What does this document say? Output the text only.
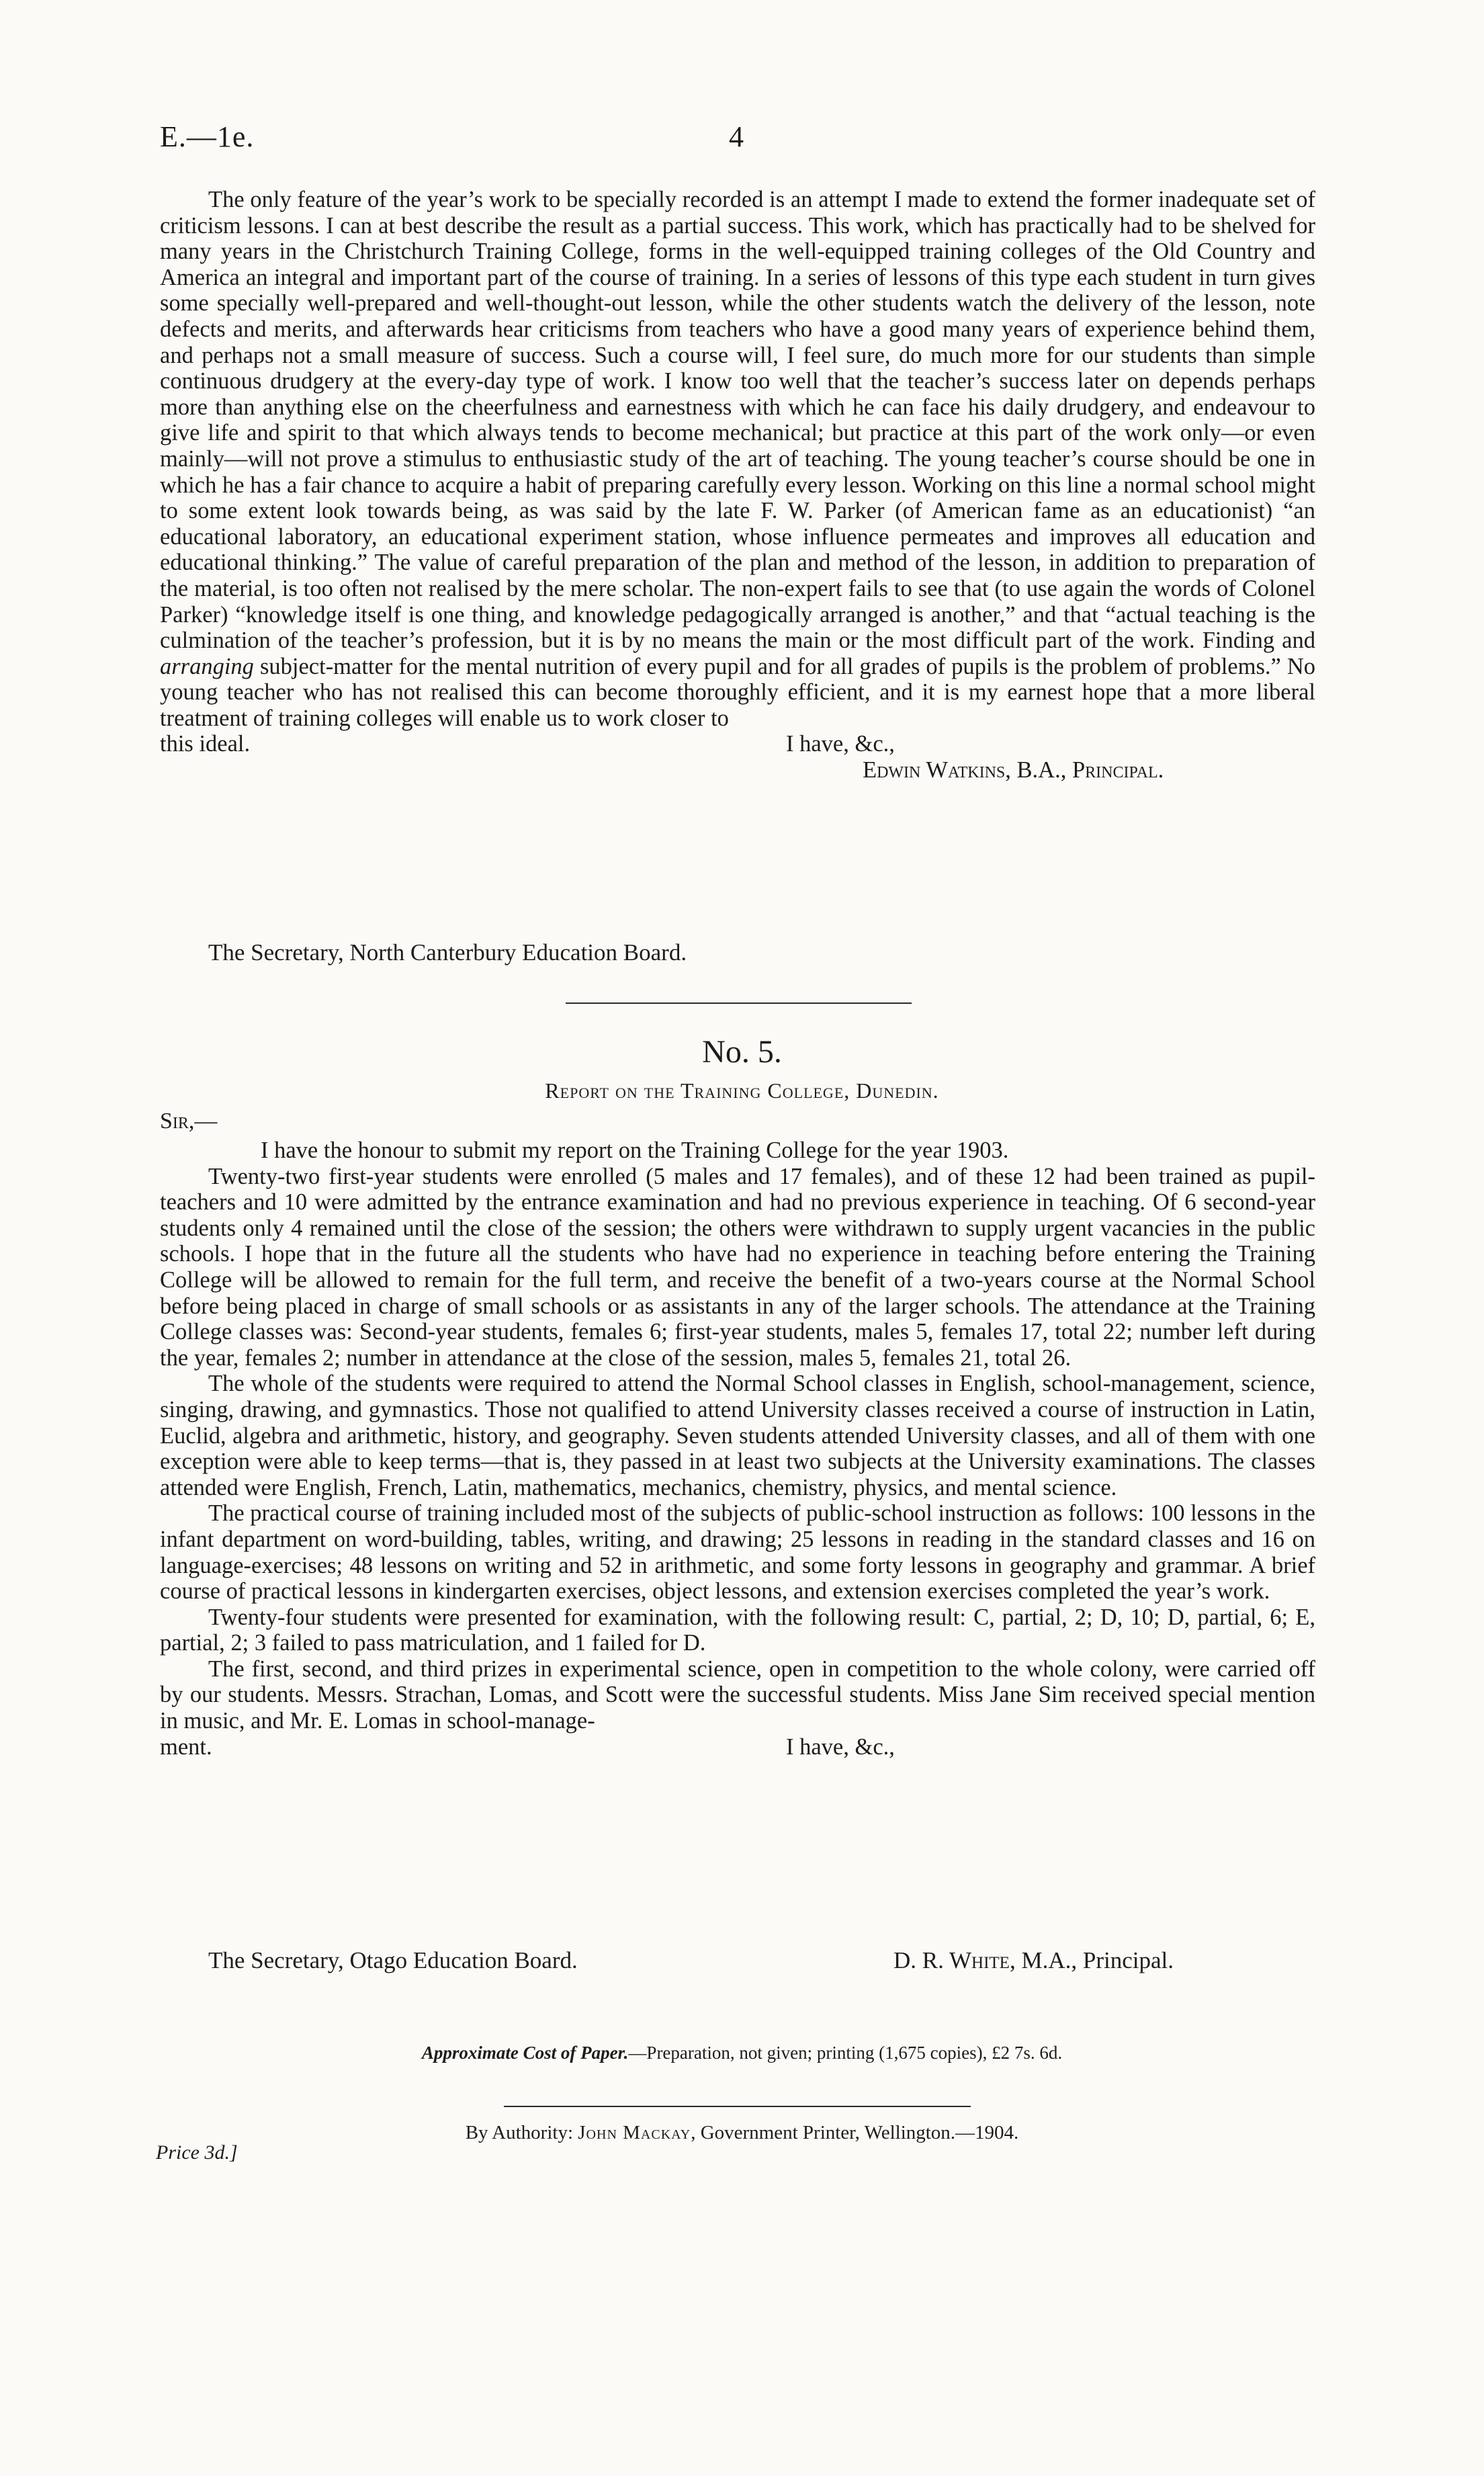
E.—1e.	4

The only feature of the year’s work to be specially recorded is an attempt I made to extend the former inadequate set of criticism lessons. I can at best describe the result as a partial success. This work, which has practically had to be shelved for many years in the Christchurch Training College, forms in the well-equipped training colleges of the Old Country and America an integral and important part of the course of training. In a series of lessons of this type each student in turn gives some specially well-prepared and well-thought-out lesson, while the other students watch the delivery of the lesson, note defects and merits, and afterwards hear criticisms from teachers who have a good many years of experience behind them, and perhaps not a small measure of success. Such a course will, I feel sure, do much more for our students than simple continuous drudgery at the every-day type of work. I know too well that the teacher’s success later on depends perhaps more than anything else on the cheerfulness and earnestness with which he can face his daily drudgery, and endeavour to give life and spirit to that which always tends to become mechanical; but practice at this part of the work only—or even mainly—will not prove a stimulus to enthusiastic study of the art of teaching. The young teacher’s course should be one in which he has a fair chance to acquire a habit of preparing carefully every lesson. Working on this line a normal school might to some extent look towards being, as was said by the late F. W. Parker (of American fame as an educationist) “an educational laboratory, an educational experiment station, whose influence permeates and improves all education and educational thinking.” The value of careful preparation of the plan and method of the lesson, in addition to preparation of the material, is too often not realised by the mere scholar. The non-expert fails to see that (to use again the words of Colonel Parker) “knowledge itself is one thing, and knowledge pedagogically arranged is another,” and that “actual teaching is the culmination of the teacher’s profession, but it is by no means the main or the most difficult part of the work. Finding and arranging subject-matter for the mental nutrition of every pupil and for all grades of pupils is the problem of problems.” No young teacher who has not realised this can become thoroughly efficient, and it is my earnest hope that a more liberal treatment of training colleges will enable us to work closer to

this ideal.	I have, &c.,
Edwin Watkins, B.A., Principal.
The Secretary, North Canterbury Education Board.
No. 5.
Report on the Training College, Dunedin.
Sir,—

I have the honour to submit my report on the Training College for the year 1903.

Twenty-two first-year students were enrolled (5 males and 17 females), and of these 12 had been trained as pupil-teachers and 10 were admitted by the entrance examination and had no previous experience in teaching. Of 6 second-year students only 4 remained until the close of the session; the others were withdrawn to supply urgent vacancies in the public schools. I hope that in the future all the students who have had no experience in teaching before entering the Training College will be allowed to remain for the full term, and receive the benefit of a two-years course at the Normal School before being placed in charge of small schools or as assistants in any of the larger schools. The attendance at the Training College classes was: Second-year students, females 6; first-year students, males 5, females 17, total 22; number left during the year, females 2; number in attendance at the close of the session, males 5, females 21, total 26.

The whole of the students were required to attend the Normal School classes in English, school-management, science, singing, drawing, and gymnastics. Those not qualified to attend University classes received a course of instruction in Latin, Euclid, algebra and arithmetic, history, and geography. Seven students attended University classes, and all of them with one exception were able to keep terms—that is, they passed in at least two subjects at the University examinations. The classes attended were English, French, Latin, mathematics, mechanics, chemistry, physics, and mental science.

The practical course of training included most of the subjects of public-school instruction as follows: 100 lessons in the infant department on word-building, tables, writing, and drawing; 25 lessons in reading in the standard classes and 16 on language-exercises; 48 lessons on writing and 52 in arithmetic, and some forty lessons in geography and grammar. A brief course of practical lessons in kindergarten exercises, object lessons, and extension exercises completed the year’s work.

Twenty-four students were presented for examination, with the following result: C, partial, 2; D, 10; D, partial, 6; E, partial, 2; 3 failed to pass matriculation, and 1 failed for D.

The first, second, and third prizes in experimental science, open in competition to the whole colony, were carried off by our students. Messrs. Strachan, Lomas, and Scott were the successful students. Miss Jane Sim received special mention in music, and Mr. E. Lomas in school-manage-

ment.	I have, &c.,
The Secretary, Otago Education Board.	D. R. White, M.A., Principal.
Approximate Cost of Paper.—Preparation, not given; printing (1,675 copies), £2 7s. 6d.
By Authority: John Mackay, Government Printer, Wellington.—1904.
Price 3d.]
